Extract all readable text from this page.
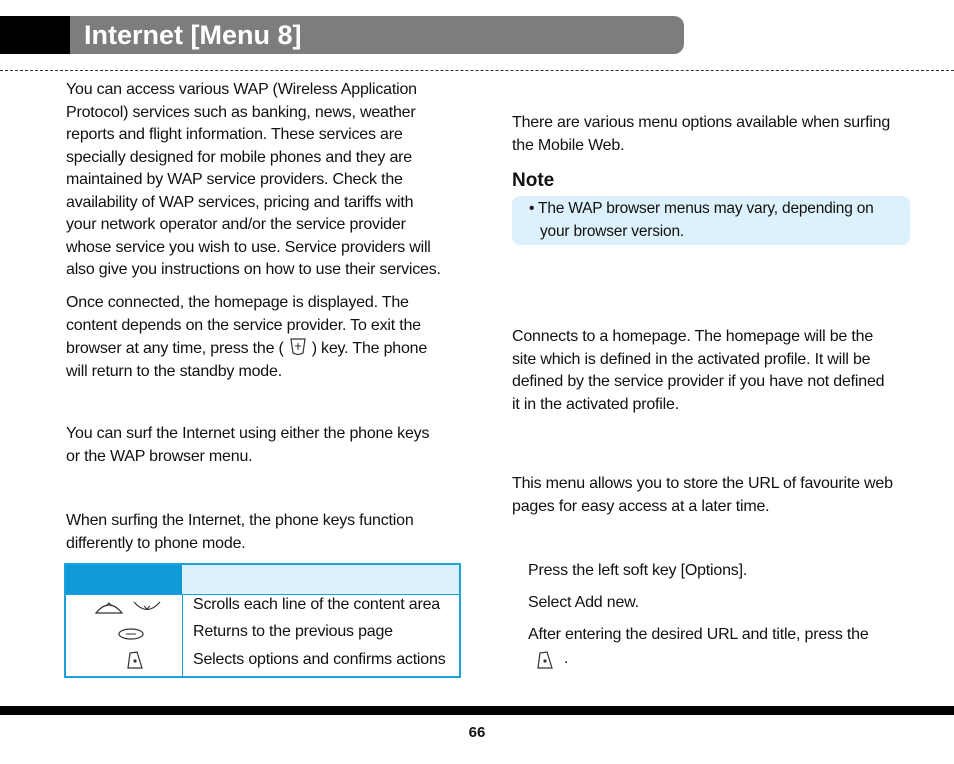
Internet [Menu 8]
You can access various WAP (Wireless Application
Protocol) services such as banking, news, weather
reports and flight information. These services are
specially designed for mobile phones and they are
maintained by WAP service providers. Check the
availability of WAP services, pricing and tariffs with
your network operator and/or the service provider
whose service you wish to use. Service providers will
also give you instructions on how to use their services.
Once connected, the homepage is displayed. The
content depends on the service provider. To exit the
browser at any time, press the ( ) key. The phone
will return to the standby mode.
You can surf the Internet using either the phone keys
or the WAP browser menu.
When surfing the Internet, the phone keys function
differently to phone mode.
Scrolls each line of the content area
Returns to the previous page
Selects options and confirms actions
There are various menu options available when surfing
the Mobile Web.
Note
• The WAP browser menus may vary, depending on
your browser version.
Connects to a homepage. The homepage will be the
site which is defined in the activated profile. It will be
defined by the service provider if you have not defined
it in the activated profile.
This menu allows you to store the URL of favourite web
pages for easy access at a later time.
Press the left soft key [Options].
Select Add new.
After entering the desired URL and title, press the
.
66
